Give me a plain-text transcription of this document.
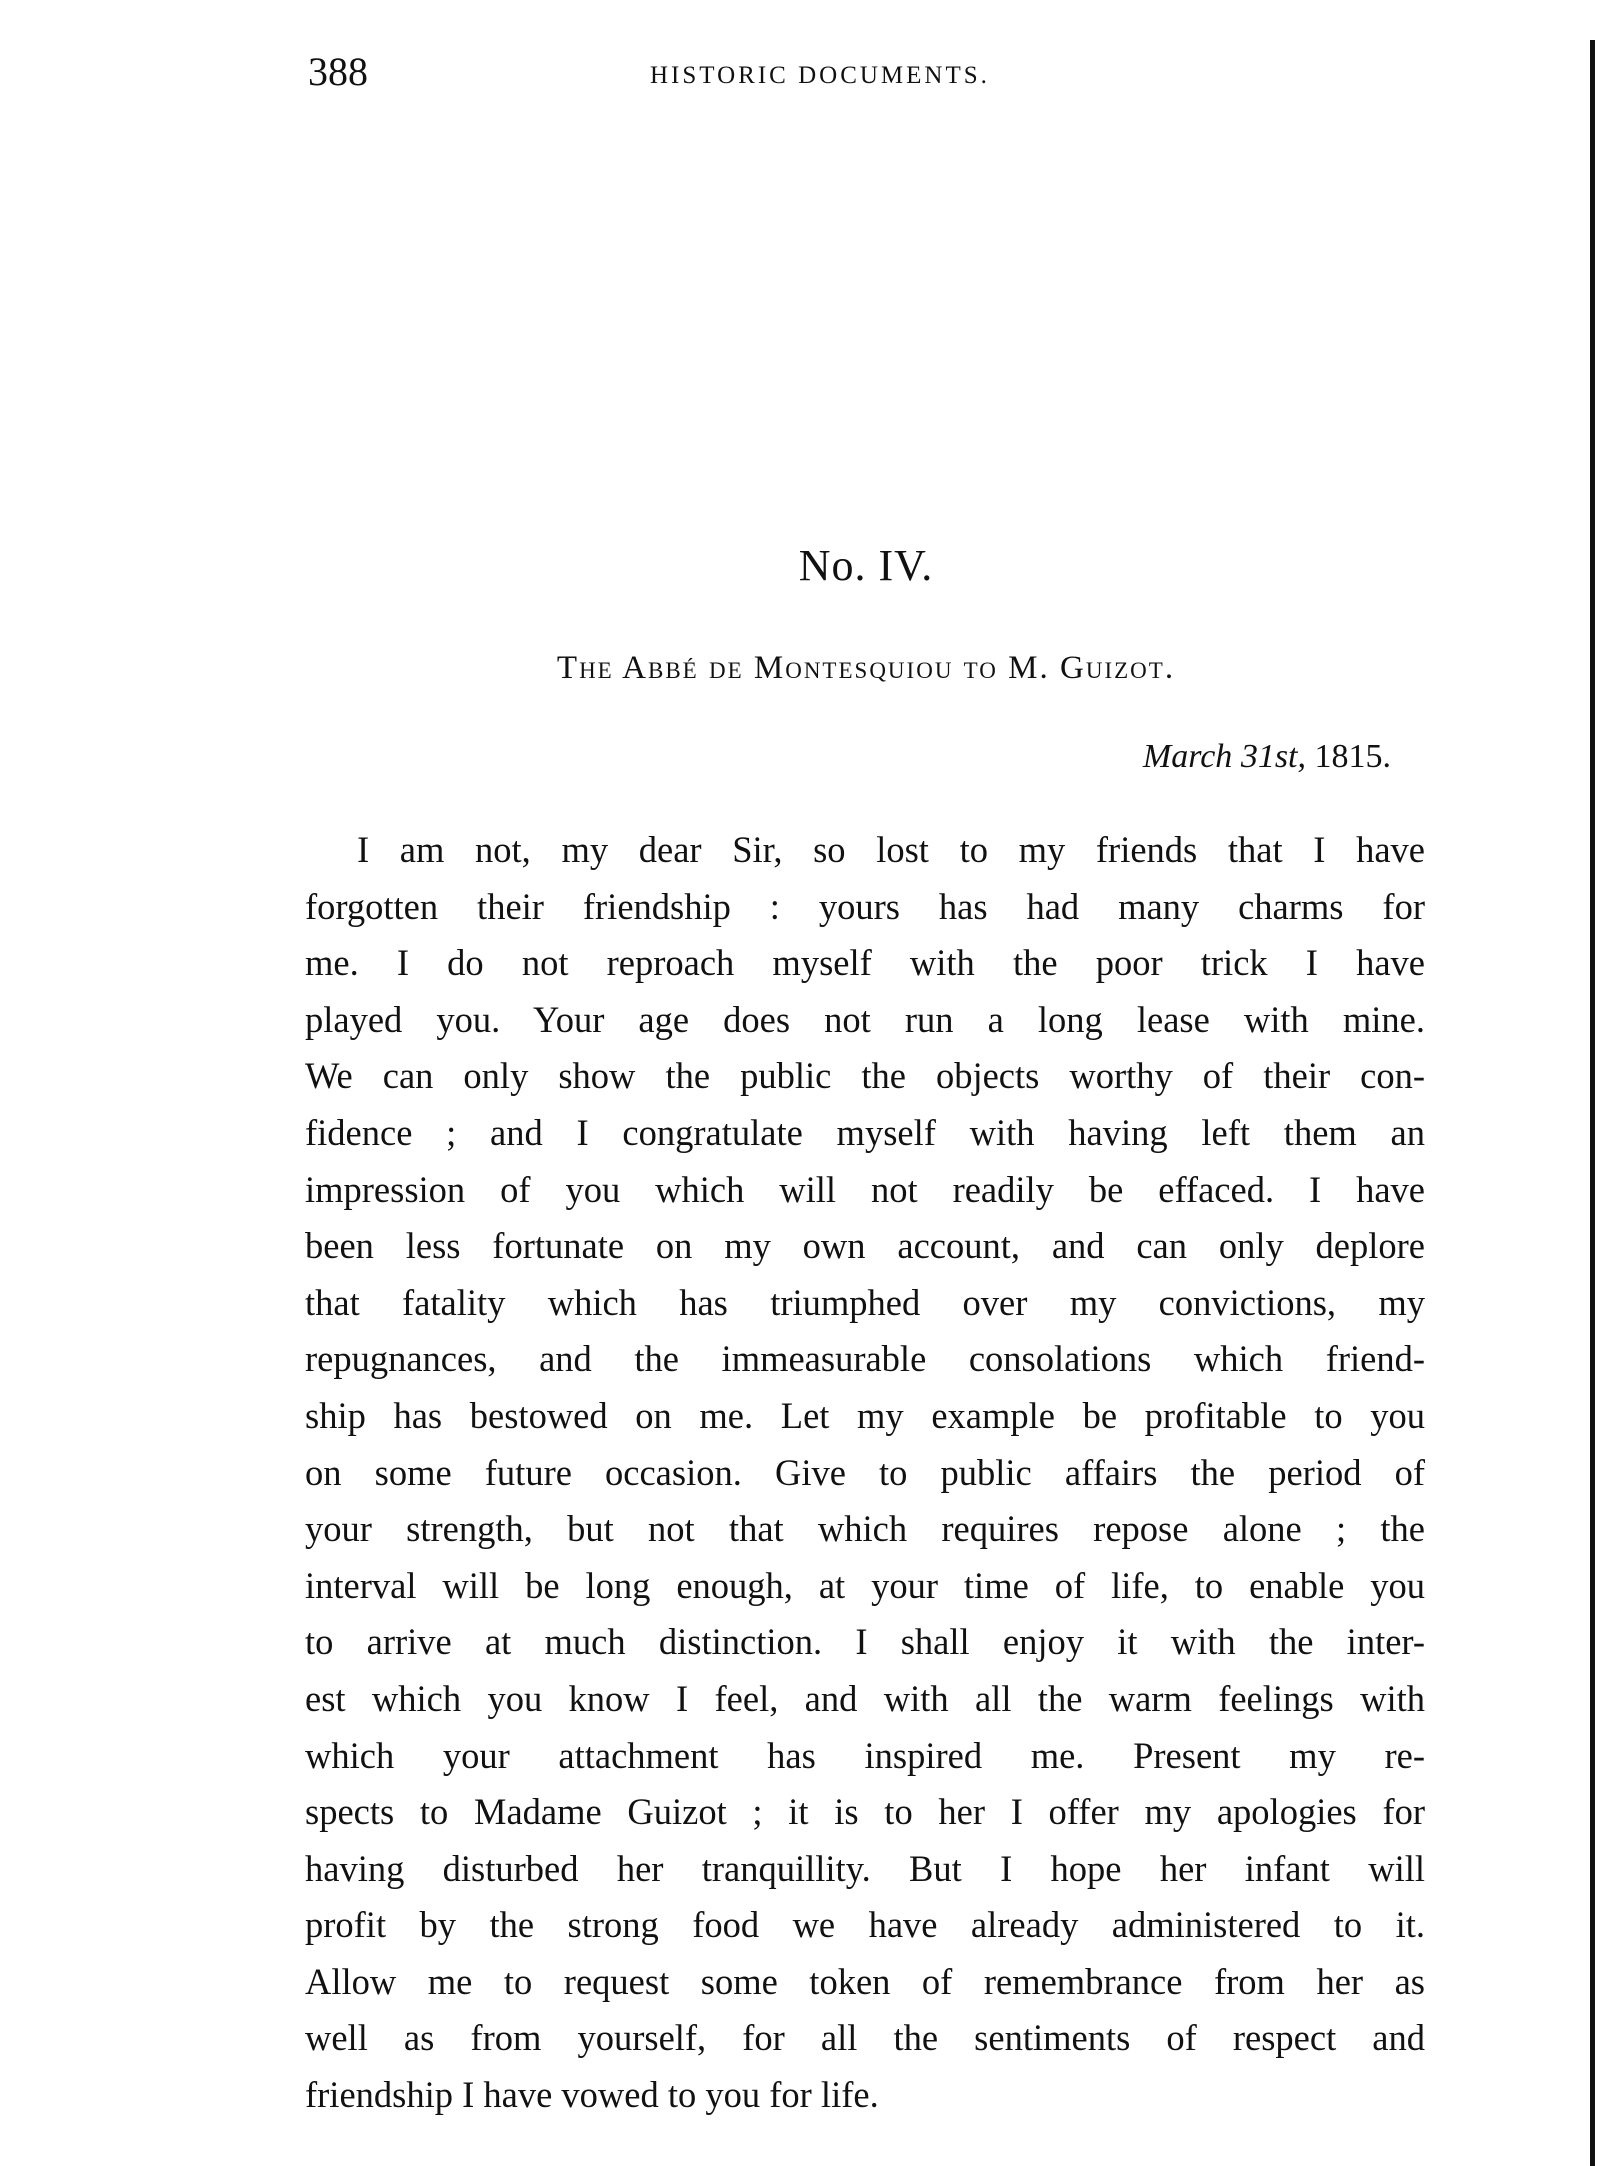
388	HISTORIC DOCUMENTS.
No. IV.
The Abbé de Montesquiou to M. Guizot.
March 31st, 1815.
I am not, my dear Sir, so lost to my friends that I have
forgotten their friendship : yours has had many charms for
me. I do not reproach myself with the poor trick I have
played you. Your age does not run a long lease with mine.
We can only show the public the objects worthy of their con-
fidence ; and I congratulate myself with having left them an
impression of you which will not readily be effaced. I have
been less fortunate on my own account, and can only deplore
that fatality which has triumphed over my convictions, my
repugnances, and the immeasurable consolations which friend-
ship has bestowed on me. Let my example be profitable to you
on some future occasion. Give to public affairs the period of
your strength, but not that which requires repose alone ; the
interval will be long enough, at your time of life, to enable you
to arrive at much distinction. I shall enjoy it with the inter-
est which you know I feel, and with all the warm feelings with
which your attachment has inspired me. Present my re-
spects to Madame Guizot ; it is to her I offer my apologies for
having disturbed her tranquillity. But I hope her infant will
profit by the strong food we have already administered to it.
Allow me to request some token of remembrance from her as
well as from yourself, for all the sentiments of respect and
friendship I have vowed to you for life.
